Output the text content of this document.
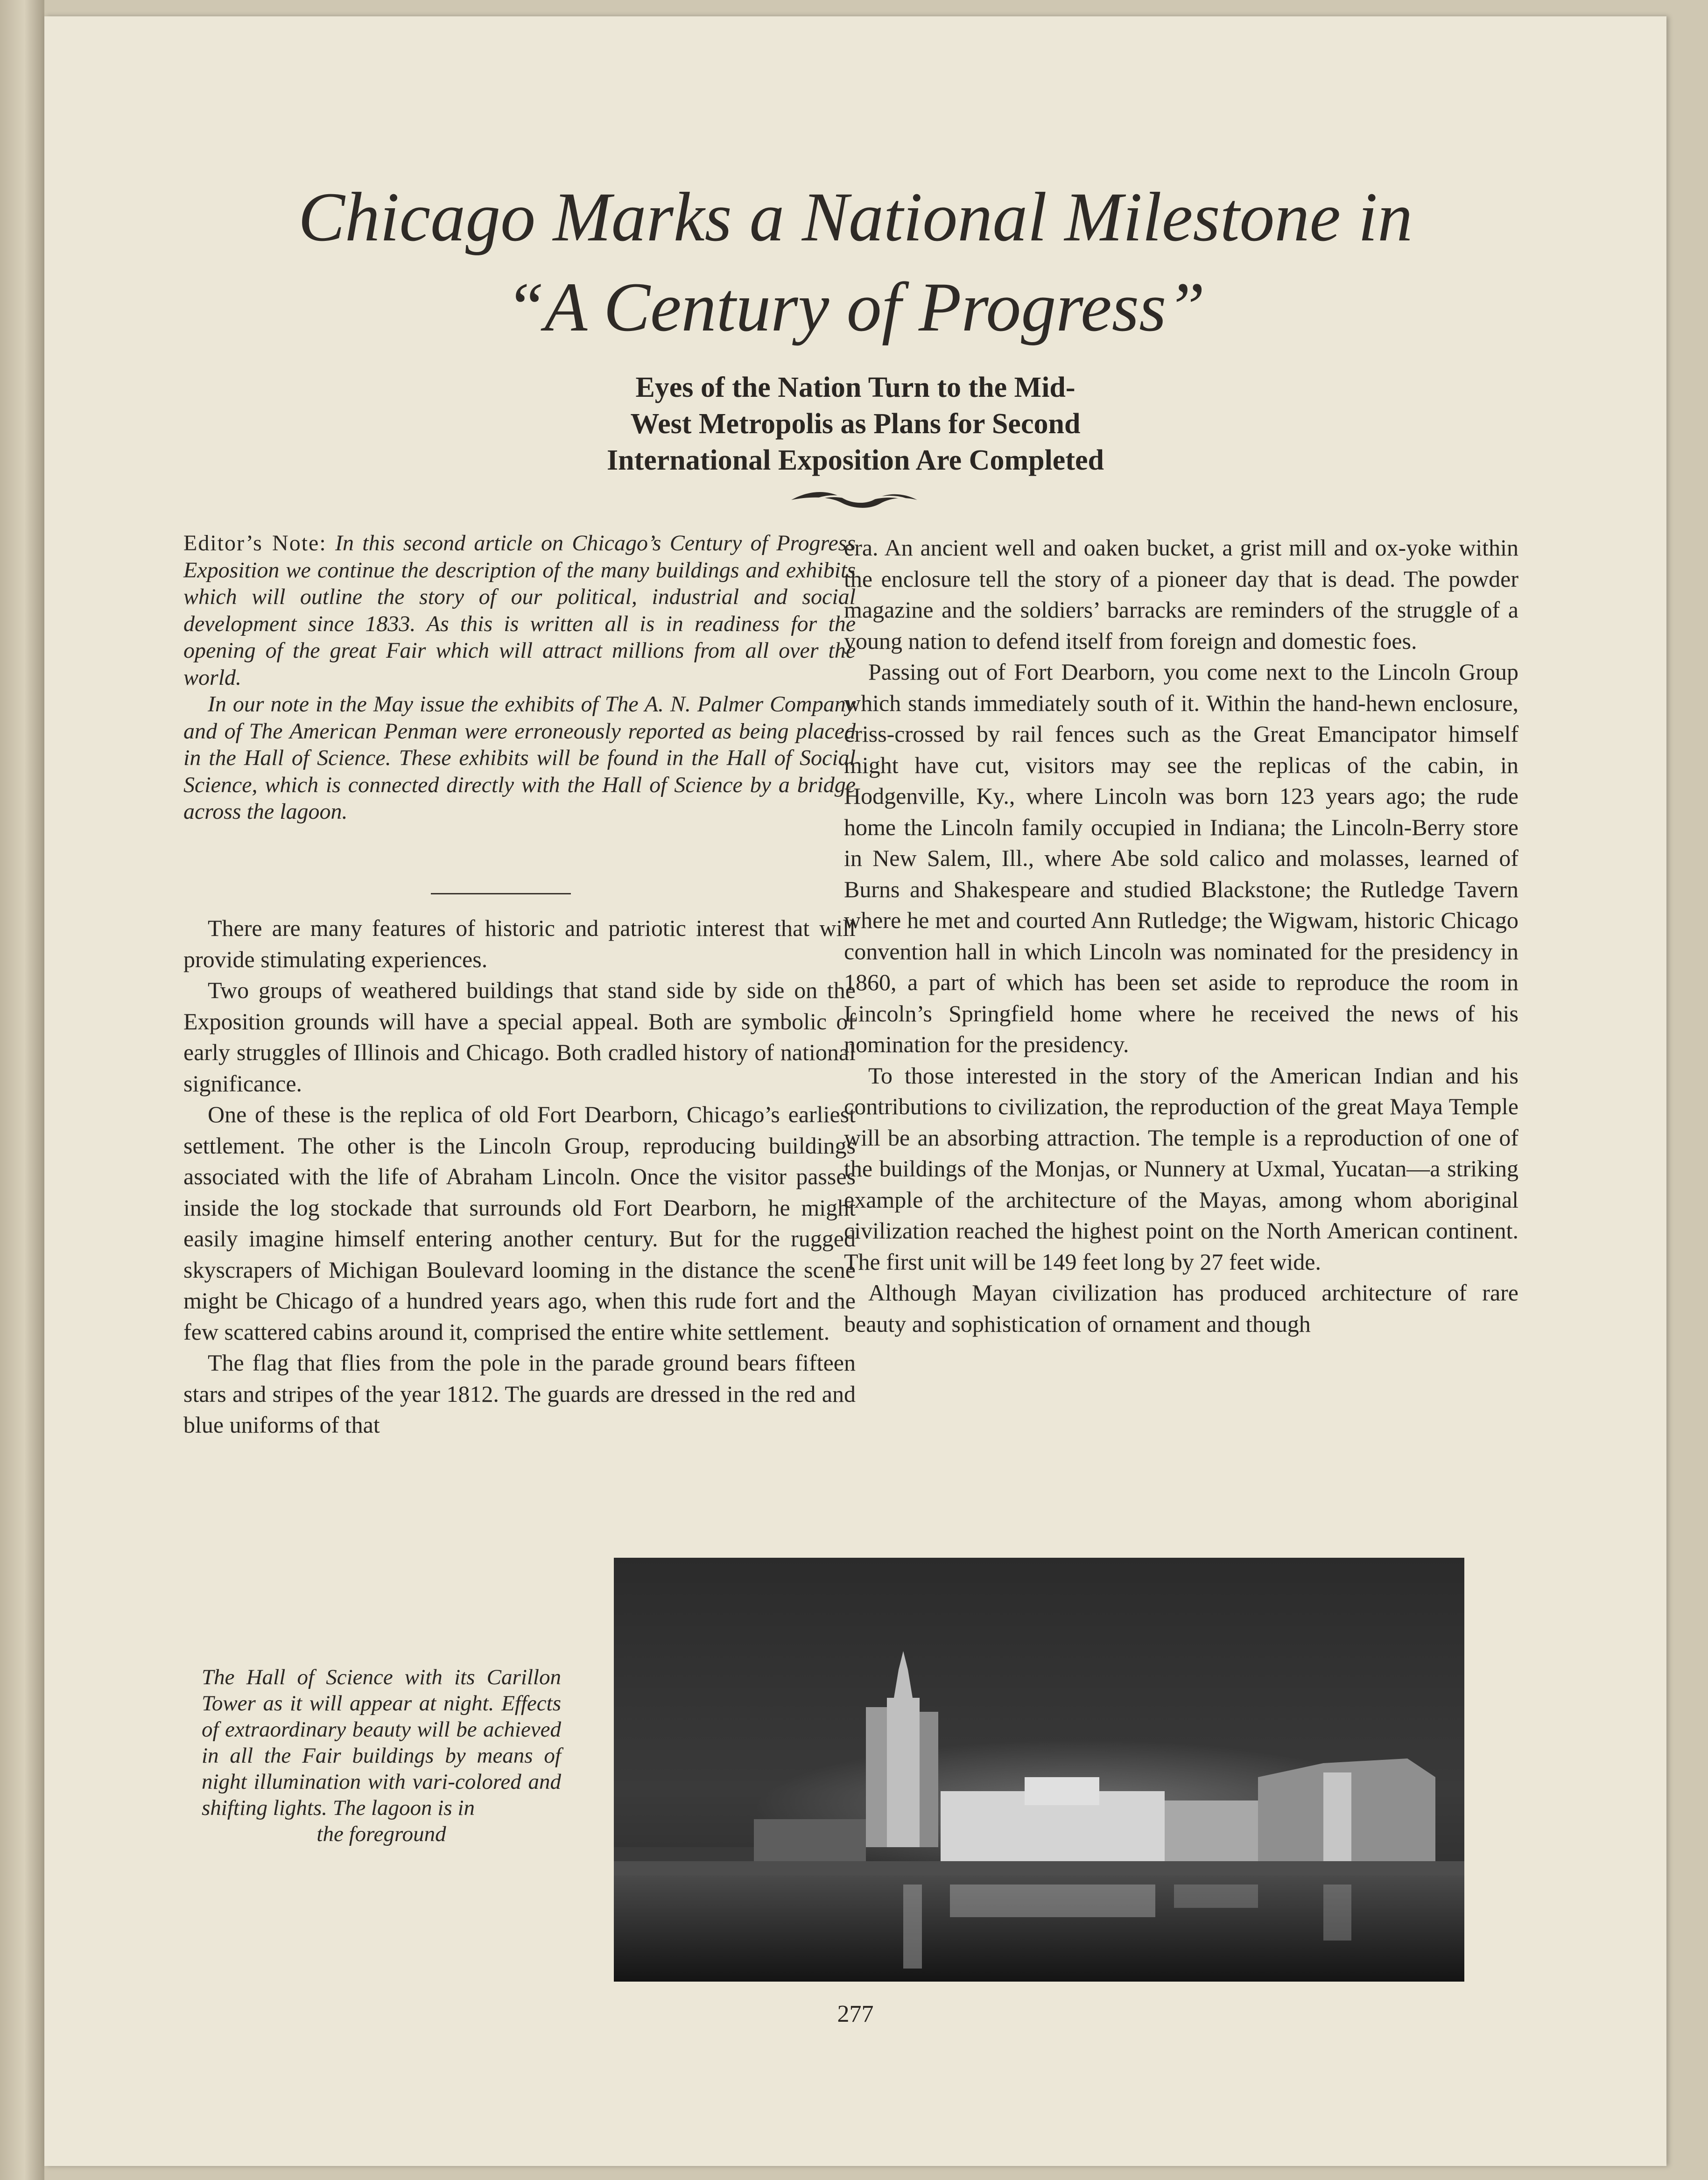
Chicago Marks a National Milestone in
“A Century of Progress”
Eyes of the Nation Turn to the Mid-
West Metropolis as Plans for Second
International Exposition Are Completed

Editor’s Note: In this second article on Chicago’s Century of Progress Exposition we continue the description of the many buildings and exhibits which will outline the story of our political, industrial and social development since 1833. As this is written all is in readiness for the opening of the great Fair which will attract millions from all over the world.

In our note in the May issue the exhibits of The A. N. Palmer Company and of The American Penman were erroneously reported as being placed in the Hall of Science. These exhibits will be found in the Hall of Social Science, which is connected directly with the Hall of Science by a bridge across the lagoon.

There are many features of historic and patriotic interest that will provide stimulating experiences.

Two groups of weathered buildings that stand side by side on the Exposition grounds will have a special appeal. Both are symbolic of early struggles of Illinois and Chicago. Both cradled history of national significance.

One of these is the replica of old Fort Dearborn, Chicago’s earliest settlement. The other is the Lincoln Group, reproducing buildings associated with the life of Abraham Lincoln. Once the visitor passes inside the log stockade that surrounds old Fort Dearborn, he might easily imagine himself entering another century. But for the rugged skyscrapers of Michigan Boulevard looming in the distance the scene might be Chicago of a hundred years ago, when this rude fort and the few scattered cabins around it, comprised the entire white settlement.

The flag that flies from the pole in the parade ground bears fifteen stars and stripes of the year 1812. The guards are dressed in the red and blue uniforms of that

era. An ancient well and oaken bucket, a grist mill and ox-yoke within the enclosure tell the story of a pioneer day that is dead. The powder magazine and the soldiers’ barracks are reminders of the struggle of a young nation to defend itself from foreign and domestic foes.

Passing out of Fort Dearborn, you come next to the Lincoln Group which stands immediately south of it. Within the hand-hewn enclosure, criss-crossed by rail fences such as the Great Emancipator himself might have cut, visitors may see the replicas of the cabin, in Hodgenville, Ky., where Lincoln was born 123 years ago; the rude home the Lincoln family occupied in Indiana; the Lincoln-Berry store in New Salem, Ill., where Abe sold calico and molasses, learned of Burns and Shakespeare and studied Blackstone; the Rutledge Tavern where he met and courted Ann Rutledge; the Wigwam, historic Chicago convention hall in which Lincoln was nominated for the presidency in 1860, a part of which has been set aside to reproduce the room in Lincoln’s Springfield home where he received the news of his nomination for the presidency.

To those interested in the story of the American Indian and his contributions to civilization, the reproduction of the great Maya Temple will be an absorbing attraction. The temple is a reproduction of one of the buildings of the Monjas, or Nunnery at Uxmal, Yucatan—a striking example of the architecture of the Mayas, among whom aboriginal civilization reached the highest point on the North American continent. The first unit will be 149 feet long by 27 feet wide.

Although Mayan civilization has produced architecture of rare beauty and sophistication of ornament and though

The Hall of Science with its Carillon Tower as it will appear at night. Effects of extraordinary beauty will be achieved in all the Fair buildings by means of night illumination with vari-colored and shifting lights. The lagoon is in
the foreground
277
